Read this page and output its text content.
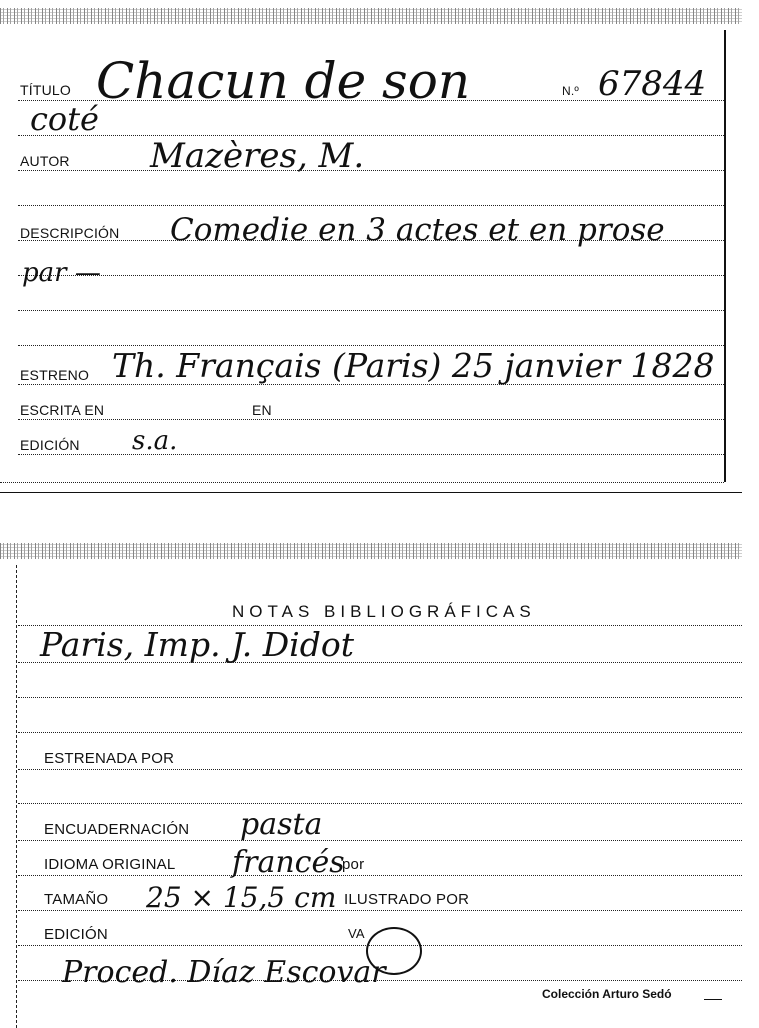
TÍTULO Chacun de son	N.º 67844
coté
AUTOR Mazères, M.
DESCRIPCIÓN Comedie en 3 actes et en prose
par —
ESTRENO Th. Français (Paris) 25 janvier 1828
ESCRITA EN	EN
EDICIÓN s.a.
NOTAS BIBLIOGRÁFICAS
Paris, Imp. J. Didot
ESTRENADA POR
ENCUADERNACIÓN pasta
IDIOMA ORIGINAL francés
por
TAMAÑO 25 × 15,5 cm ILUSTRADO POR
EDICIÓN	VA
Proced. Díaz Escovar
Colección Arturo Sedó
